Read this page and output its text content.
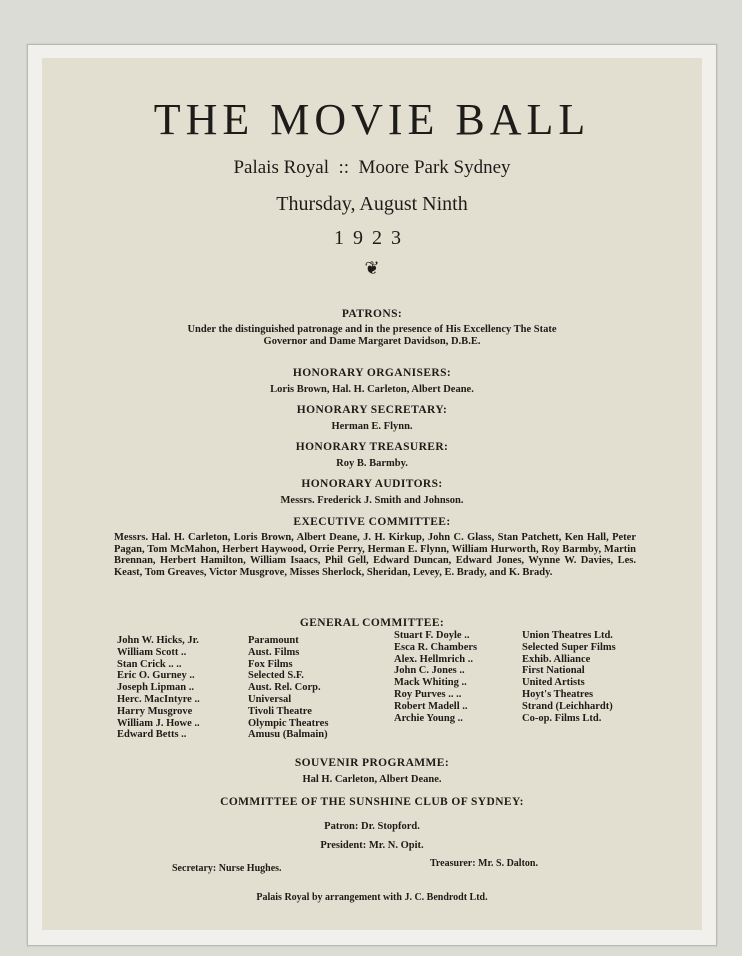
THE MOVIE BALL
Palais Royal  ::  Moore Park Sydney
Thursday, August Ninth
1923
❦
PATRONS:
Under the distinguished patronage and in the presence of His Excellency The State Governor and Dame Margaret Davidson, D.B.E.
HONORARY ORGANISERS:
Loris Brown, Hal. H. Carleton, Albert Deane.
HONORARY SECRETARY:
Herman E. Flynn.
HONORARY TREASURER:
Roy B. Barmby.
HONORARY AUDITORS:
Messrs. Frederick J. Smith and Johnson.
EXECUTIVE COMMITTEE:
Messrs. Hal. H. Carleton, Loris Brown, Albert Deane, J. H. Kirkup, John C. Glass, Stan Patchett, Ken Hall, Peter Pagan, Tom McMahon, Herbert Haywood, Orrie Perry, Herman E. Flynn, William Hurworth, Roy Barmby, Martin Brennan, Herbert Hamilton, William Isaacs, Phil Gell, Edward Duncan, Edward Jones, Wynne W. Davies, Les. Keast, Tom Greaves, Victor Musgrove, Misses Sherlock, Sheridan, Levey, E. Brady, and K. Brady.
GENERAL COMMITTEE:
John W. Hicks, Jr.
William Scott ..
Stan Crick .. ..
Eric O. Gurney ..
Joseph Lipman ..
Herc. MacIntyre ..
Harry Musgrove
William J. Howe ..
Edward Betts ..
Paramount
Aust. Films
Fox Films
Selected S.F.
Aust. Rel. Corp.
Universal
Tivoli Theatre
Olympic Theatres
Amusu (Balmain)
Stuart F. Doyle ..
Esca R. Chambers
Alex. Hellmrich ..
John C. Jones ..
Mack Whiting ..
Roy Purves .. ..
Robert Madell ..
Archie Young ..
Union Theatres Ltd.
Selected Super Films
Exhib. Alliance
First National
United Artists
Hoyt's Theatres
Strand (Leichhardt)
Co-op. Films Ltd.
SOUVENIR PROGRAMME:
Hal H. Carleton, Albert Deane.
COMMITTEE OF THE SUNSHINE CLUB OF SYDNEY:
Patron: Dr. Stopford.
President: Mr. N. Opit.
Secretary: Nurse Hughes.	Treasurer: Mr. S. Dalton.
Palais Royal by arrangement with J. C. Bendrodt Ltd.
